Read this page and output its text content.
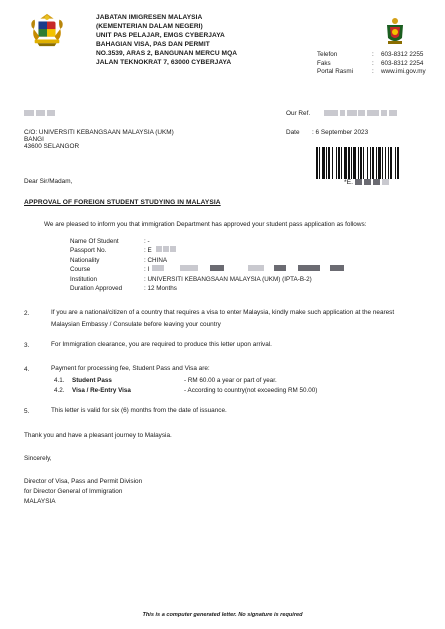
JABATAN IMIGRESEN MALAYSIA
(KEMENTERIAN DALAM NEGERI)
UNIT PAS PELAJAR, EMGS CYBERJAYA
BAHAGIAN VISA, PAS DAN PERMIT
NO.3539, ARAS 2, BANGUNAN MERCU MQA
JALAN TEKNOKRAT 7, 63000 CYBERJAYA
Telefon	:	603-8312 2255
Faks	:	603-8312 2254
Portal Rasmi	:	www.imi.gov.my

Our Ref.

C/O: UNIVERSITI KEBANGSAAN MALAYSIA (UKM)
BANGI
43600 SELANGOR
Date : 6 September 2023
*E.
Dear Sir/Madam,
APPROVAL OF FOREIGN STUDENT STUDYING IN MALAYSIA
We are pleased to inform you that immigration Department has approved your student pass application as follows:
Name Of Student	: -
Passport No.	: E
Nationality	: CHINA
Course	: I
Institution	: UNIVERSITI KEBANGSAAN MALAYSIA (UKM) (IPTA-B-2)
Duration Approved	: 12 Months
2.	If you are a national/citizen of a country that requires a visa to enter Malaysia, kindly make such application at the nearest
Malaysian Embassy / Consulate before leaving your country
3.	For Immigration clearance, you are required to produce this letter upon arrival.
4.	Payment for processing fee, Student Pass and Visa are:
4.1.	Student Pass	- RM 60.00 a year or part of year.
4.2.	Visa / Re-Entry Visa	- According to country(not exceeding RM 50.00)
5.	This letter is valid for six (6) months from the date of issuance.
Thank you and have a pleasant journey to Malaysia.
Sincerely,
Director of Visa, Pass and Permit Division
for Director General of Immigration
MALAYSIA
This is a computer generated letter. No signature is required
